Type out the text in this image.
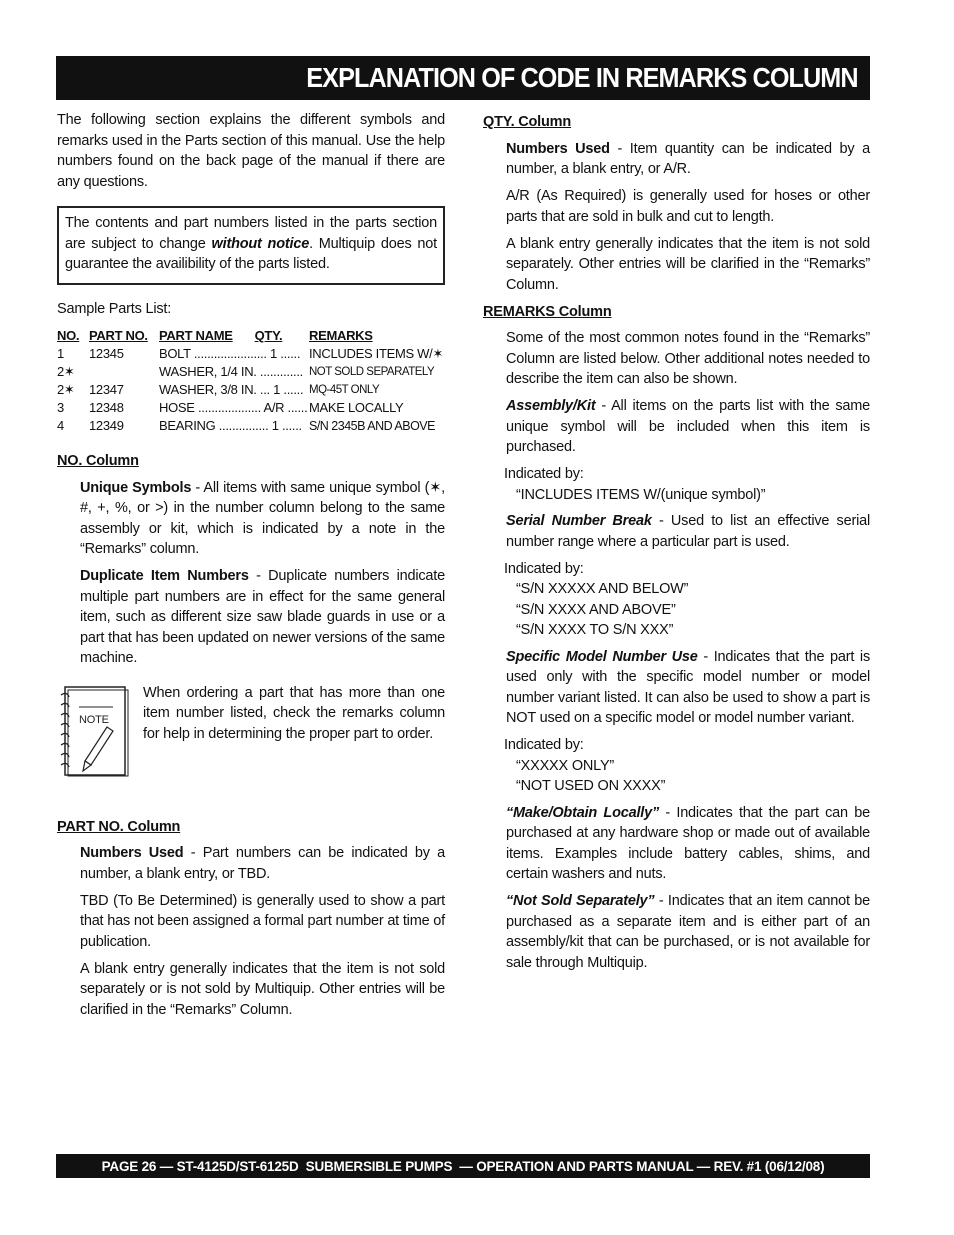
EXPLANATION OF CODE IN REMARKS COLUMN

The following section explains the different symbols and remarks used in the Parts section of this manual. Use the help numbers found on the back page of the manual if there are any questions.

The contents and part numbers listed in the parts section are subject to change without notice. Multiquip does not guarantee the availibility of the parts listed.

Sample Parts List:

NO.	PART NO.	PART NAME QTY.		REMARKS
1	12345	BOLT ...................... 1 ......	INCLUDES ITEMS W/✶
2✶		WASHER, 1/4 IN. .............	NOT SOLD SEPARATELY
2✶	12347	WASHER, 3/8 IN. ... 1 ......	MQ-45T ONLY
3	12348	HOSE ................... A/R ......	MAKE LOCALLY
4	12349	BEARING ............... 1 ......	S/N 2345B AND ABOVE

NO. Column

Unique Symbols - All items with same unique symbol (✶, #, +, %, or >) in the number column belong to the same assembly or kit, which is indicated by a note in the “Remarks” column.

Duplicate Item Numbers - Duplicate numbers indicate multiple part numbers are in effect for the same general item, such as different size saw blade guards in use or a part that has been updated on newer versions of the same machine.

NOTE
When ordering a part that has more than one item number listed, check the remarks column for help in determining the proper part to order.

PART NO. Column

Numbers Used - Part numbers can be indicated by a number, a blank entry, or TBD.

TBD (To Be Determined) is generally used to show a part that has not been assigned a formal part number at time of publication.

A blank entry generally indicates that the item is not sold separately or is not sold by Multiquip. Other entries will be clarified in the “Remarks” Column.

QTY. Column

Numbers Used - Item quantity can be indicated by a number, a blank entry, or A/R.

A/R (As Required) is generally used for hoses or other parts that are sold in bulk and cut to length.

A blank entry generally indicates that the item is not sold separately. Other entries will be clarified in the “Remarks” Column.

REMARKS Column

Some of the most common notes found in the “Remarks” Column are listed below. Other additional notes needed to describe the item can also be shown.

Assembly/Kit - All items on the parts list with the same unique symbol will be included when this item is purchased.

Indicated by:
“INCLUDES ITEMS W/(unique symbol)”

Serial Number Break - Used to list an effective serial number range where a particular part is used.

Indicated by:
“S/N XXXXX AND BELOW”
“S/N XXXX AND ABOVE”
“S/N XXXX TO S/N XXX”

Specific Model Number Use - Indicates that the part is used only with the specific model number or model number variant listed. It can also be used to show a part is NOT used on a specific model or model number variant.

Indicated by:
“XXXXX ONLY”
“NOT USED ON XXXX”

“Make/Obtain Locally” - Indicates that the part can be purchased at any hardware shop or made out of available items. Examples include battery cables, shims, and certain washers and nuts.

“Not Sold Separately” - Indicates that an item cannot be purchased as a separate item and is either part of an assembly/kit that can be purchased, or is not available for sale through Multiquip.

PAGE 26 — ST-4125D/ST-6125D  SUBMERSIBLE PUMPS  — OPERATION AND PARTS MANUAL — REV. #1 (06/12/08)
